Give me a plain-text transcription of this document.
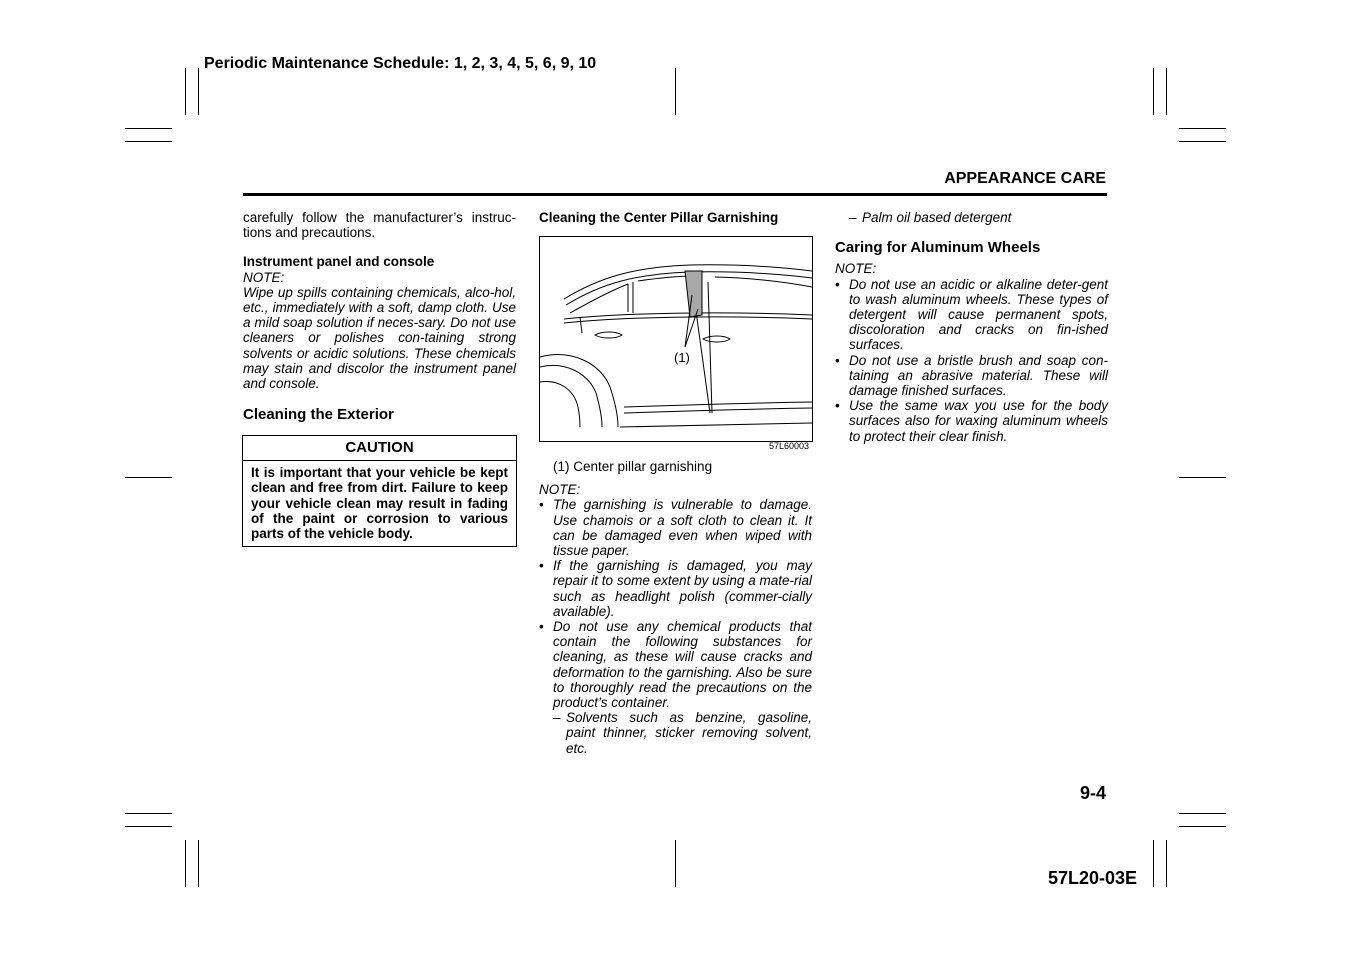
Periodic Maintenance Schedule: 1, 2, 3, 4, 5, 6, 9, 10
APPEARANCE CARE

carefully follow the manufacturer’s instruc-tions and precautions.

Instrument panel and console

NOTE:

Wipe up spills containing chemicals, alco-hol, etc., immediately with a soft, damp cloth. Use a mild soap solution if neces-sary. Do not use cleaners or polishes con-taining strong solvents or acidic solutions. These chemicals may stain and discolor the instrument panel and console.

Cleaning the Exterior

CAUTION
It is important that your vehicle be kept clean and free from dirt. Failure to keep your vehicle clean may result in fading of the paint or corrosion to various parts of the vehicle body.

Cleaning the Center Pillar Garnishing

(1)
57L60003

(1) Center pillar garnishing

NOTE:

• The garnishing is vulnerable to damage. Use chamois or a soft cloth to clean it. It can be damaged even when wiped with tissue paper.
• If the garnishing is damaged, you may repair it to some extent by using a mate-rial such as headlight polish (commer-cially available).
• Do not use any chemical products that contain the following substances for cleaning, as these will cause cracks and deformation to the garnishing. Also be sure to thoroughly read the precautions on the product’s container.

– Solvents such as benzine, gasoline, paint thinner, sticker removing solvent, etc.

– Palm oil based detergent

Caring for Aluminum Wheels

NOTE:

• Do not use an acidic or alkaline deter-gent to wash aluminum wheels. These types of detergent will cause permanent spots, discoloration and cracks on fin-ished surfaces.
• Do not use a bristle brush and soap con-taining an abrasive material. These will damage finished surfaces.
• Use the same wax you use for the body surfaces also for waxing aluminum wheels to protect their clear finish.
9-4
57L20-03E
